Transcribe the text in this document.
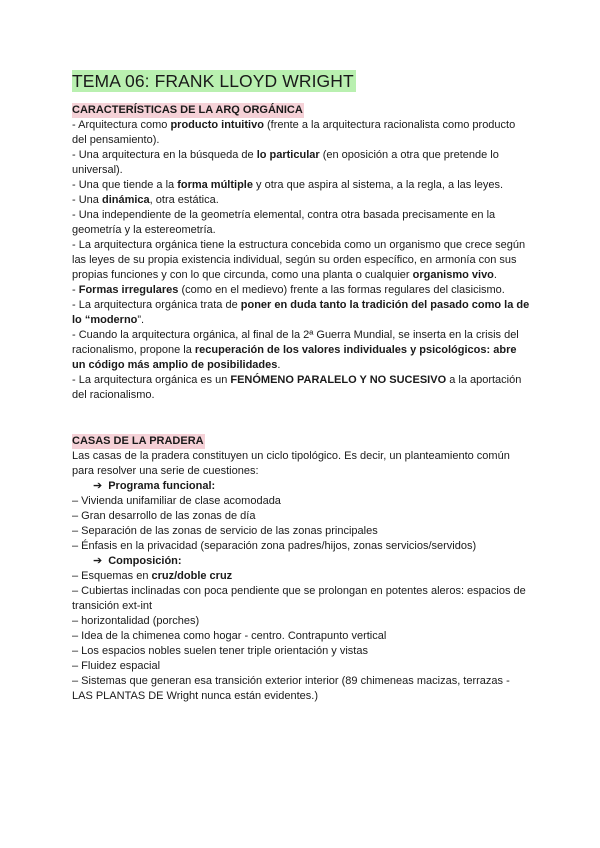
TEMA 06: FRANK LLOYD WRIGHT
CARACTERÍSTICAS DE LA ARQ ORGÁNICA
- Arquitectura como producto intuitivo (frente a la arquitectura racionalista como producto del pensamiento).
- Una arquitectura en la búsqueda de lo particular (en oposición a otra que pretende lo universal).
- Una que tiende a la forma múltiple y otra que aspira al sistema, a la regla, a las leyes.
- Una dinámica, otra estática.
- Una independiente de la geometría elemental, contra otra basada precisamente en la geometría y la estereometría.
- La arquitectura orgánica tiene la estructura concebida como un organismo que crece según las leyes de su propia existencia individual, según su orden específico, en armonía con sus propias funciones y con lo que circunda, como una planta o cualquier organismo vivo.
- Formas irregulares (como en el medievo) frente a las formas regulares del clasicismo.
- La arquitectura orgánica trata de poner en duda tanto la tradición del pasado como la de lo “moderno”.
- Cuando la arquitectura orgánica, al final de la 2ª Guerra Mundial, se inserta en la crisis del racionalismo, propone la recuperación de los valores individuales y psicológicos: abre un código más amplio de posibilidades.
- La arquitectura orgánica es un FENÓMENO PARALELO Y NO SUCESIVO a la aportación del racionalismo.
CASAS DE LA PRADERA
Las casas de la pradera constituyen un ciclo tipológico. Es decir, un planteamiento común para resolver una serie de cuestiones:
➔ Programa funcional:
– Vivienda unifamiliar de clase acomodada
– Gran desarrollo de las zonas de día
– Separación de las zonas de servicio de las zonas principales
– Énfasis en la privacidad (separación zona padres/hijos, zonas servicios/servidos)
➔ Composición:
– Esquemas en cruz/doble cruz
– Cubiertas inclinadas con poca pendiente que se prolongan en potentes aleros: espacios de transición ext-int
– horizontalidad (porches)
– Idea de la chimenea como hogar - centro. Contrapunto vertical
– Los espacios nobles suelen tener triple orientación y vistas
– Fluidez espacial
– Sistemas que generan esa transición exterior interior (89 chimeneas macizas, terrazas - LAS PLANTAS DE Wright nunca están evidentes.)
